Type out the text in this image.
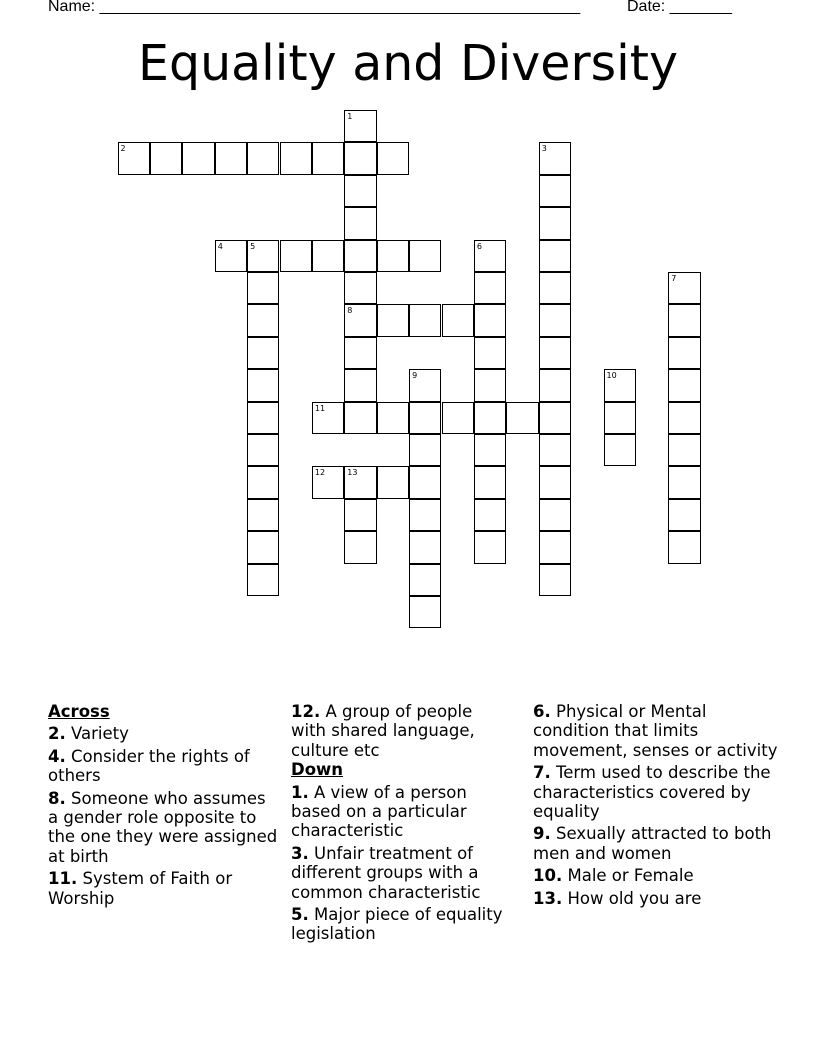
Name: ______________________________________________________	Date: _______
Equality and Diversity
2
4	5
8
11
12	13
1
3
6
7
9	10
Across
2. Variety
4. Consider the rights of others
8. Someone who assumes a gender role opposite to the one they were assigned at birth
11. System of Faith or Worship
12. A group of people with shared language, culture etc
Down
1. A view of a person based on a particular characteristic
3. Unfair treatment of different groups with a common characteristic
5. Major piece of equality legislation
6. Physical or Mental condition that limits movement, senses or activity
7. Term used to describe the characteristics covered by equality
9. Sexually attracted to both men and women
10. Male or Female
13. How old you are
